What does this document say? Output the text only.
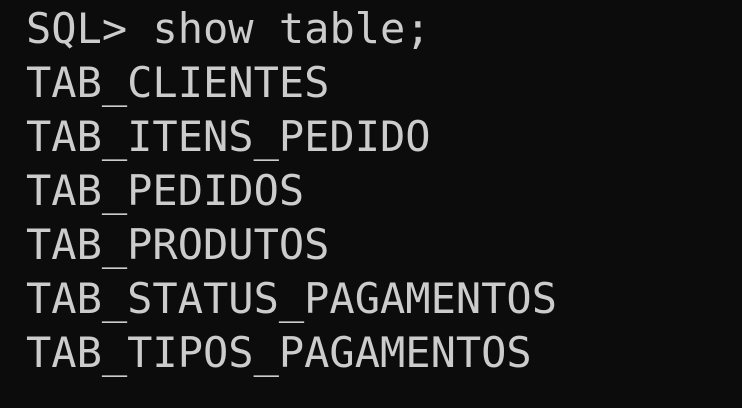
SQL> show table;
TAB_CLIENTES
TAB_ITENS_PEDIDO
TAB_PEDIDOS
TAB_PRODUTOS
TAB_STATUS_PAGAMENTOS
TAB_TIPOS_PAGAMENTOS
